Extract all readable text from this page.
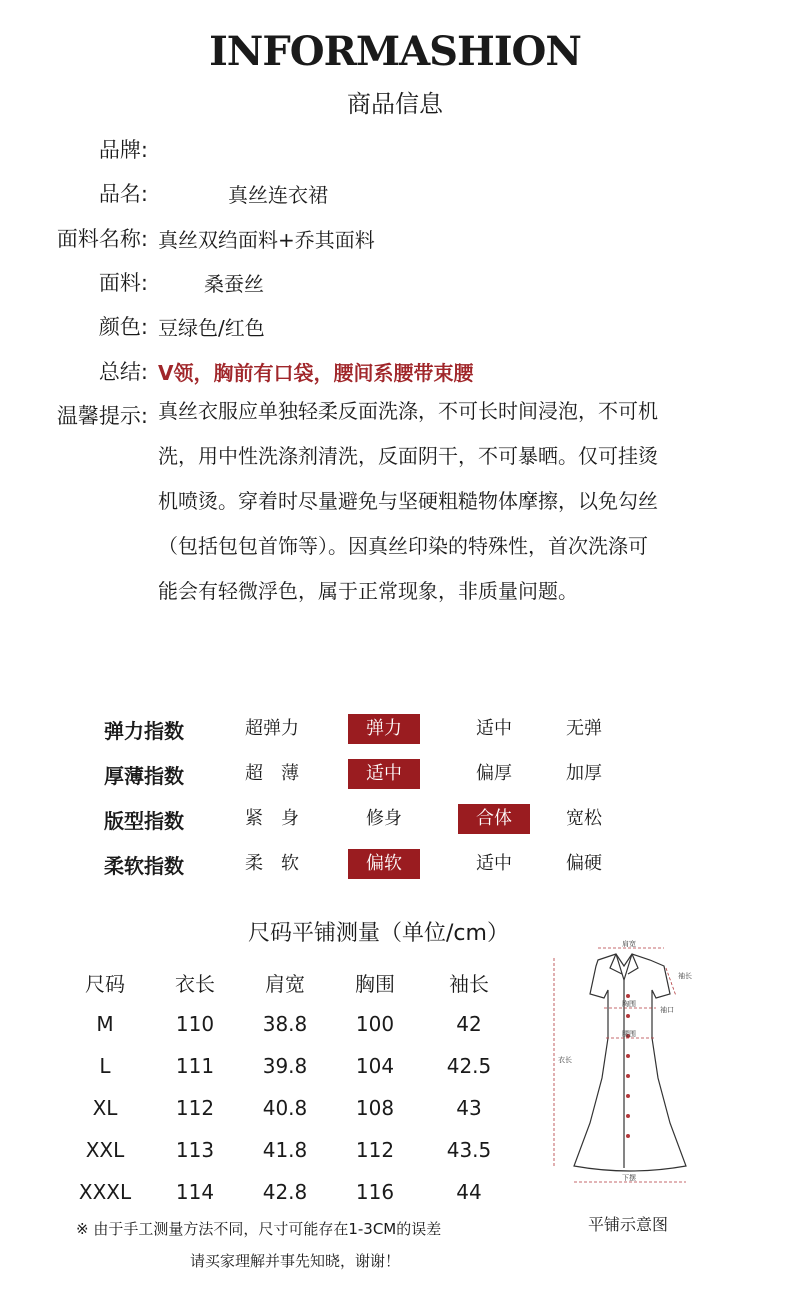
INFORMASHION
商品信息
品牌:
品名:	真丝连衣裙
面料名称: 真丝双绉面料+乔其面料
面料:	桑蚕丝
颜色: 豆绿色/红色
总结: V领，胸前有口袋，腰间系腰带束腰
温馨提示: 真丝衣服应单独轻柔反面洗涤，不可长时间浸泡，不可机
洗，用中性洗涤剂清洗，反面阴干，不可暴晒。仅可挂烫
机喷烫。穿着时尽量避免与坚硬粗糙物体摩擦，以免勾丝
（包括包包首饰等）。因真丝印染的特殊性，首次洗涤可
能会有轻微浮色，属于正常现象，非质量问题。
弹力指数	超弹力	弹力	适中	无弹
厚薄指数	超　薄	适中	偏厚	加厚
版型指数	紧　身	修身	合体	宽松
柔软指数	柔　软	偏软	适中	偏硬
尺码平铺测量（单位/cm）
尺码	衣长	肩宽	胸围	袖长
M	110	38.8	100	42
L	111	39.8	104	42.5
XL	112	40.8	108	43
XXL	113	41.8	112	43.5
XXXL	114	42.8	116	44
肩宽
袖长
胸围
袖口
腰围
衣长
下摆
平铺示意图
※ 由于手工测量方法不同，尺寸可能存在1-3CM的误差
请买家理解并事先知晓，谢谢！
